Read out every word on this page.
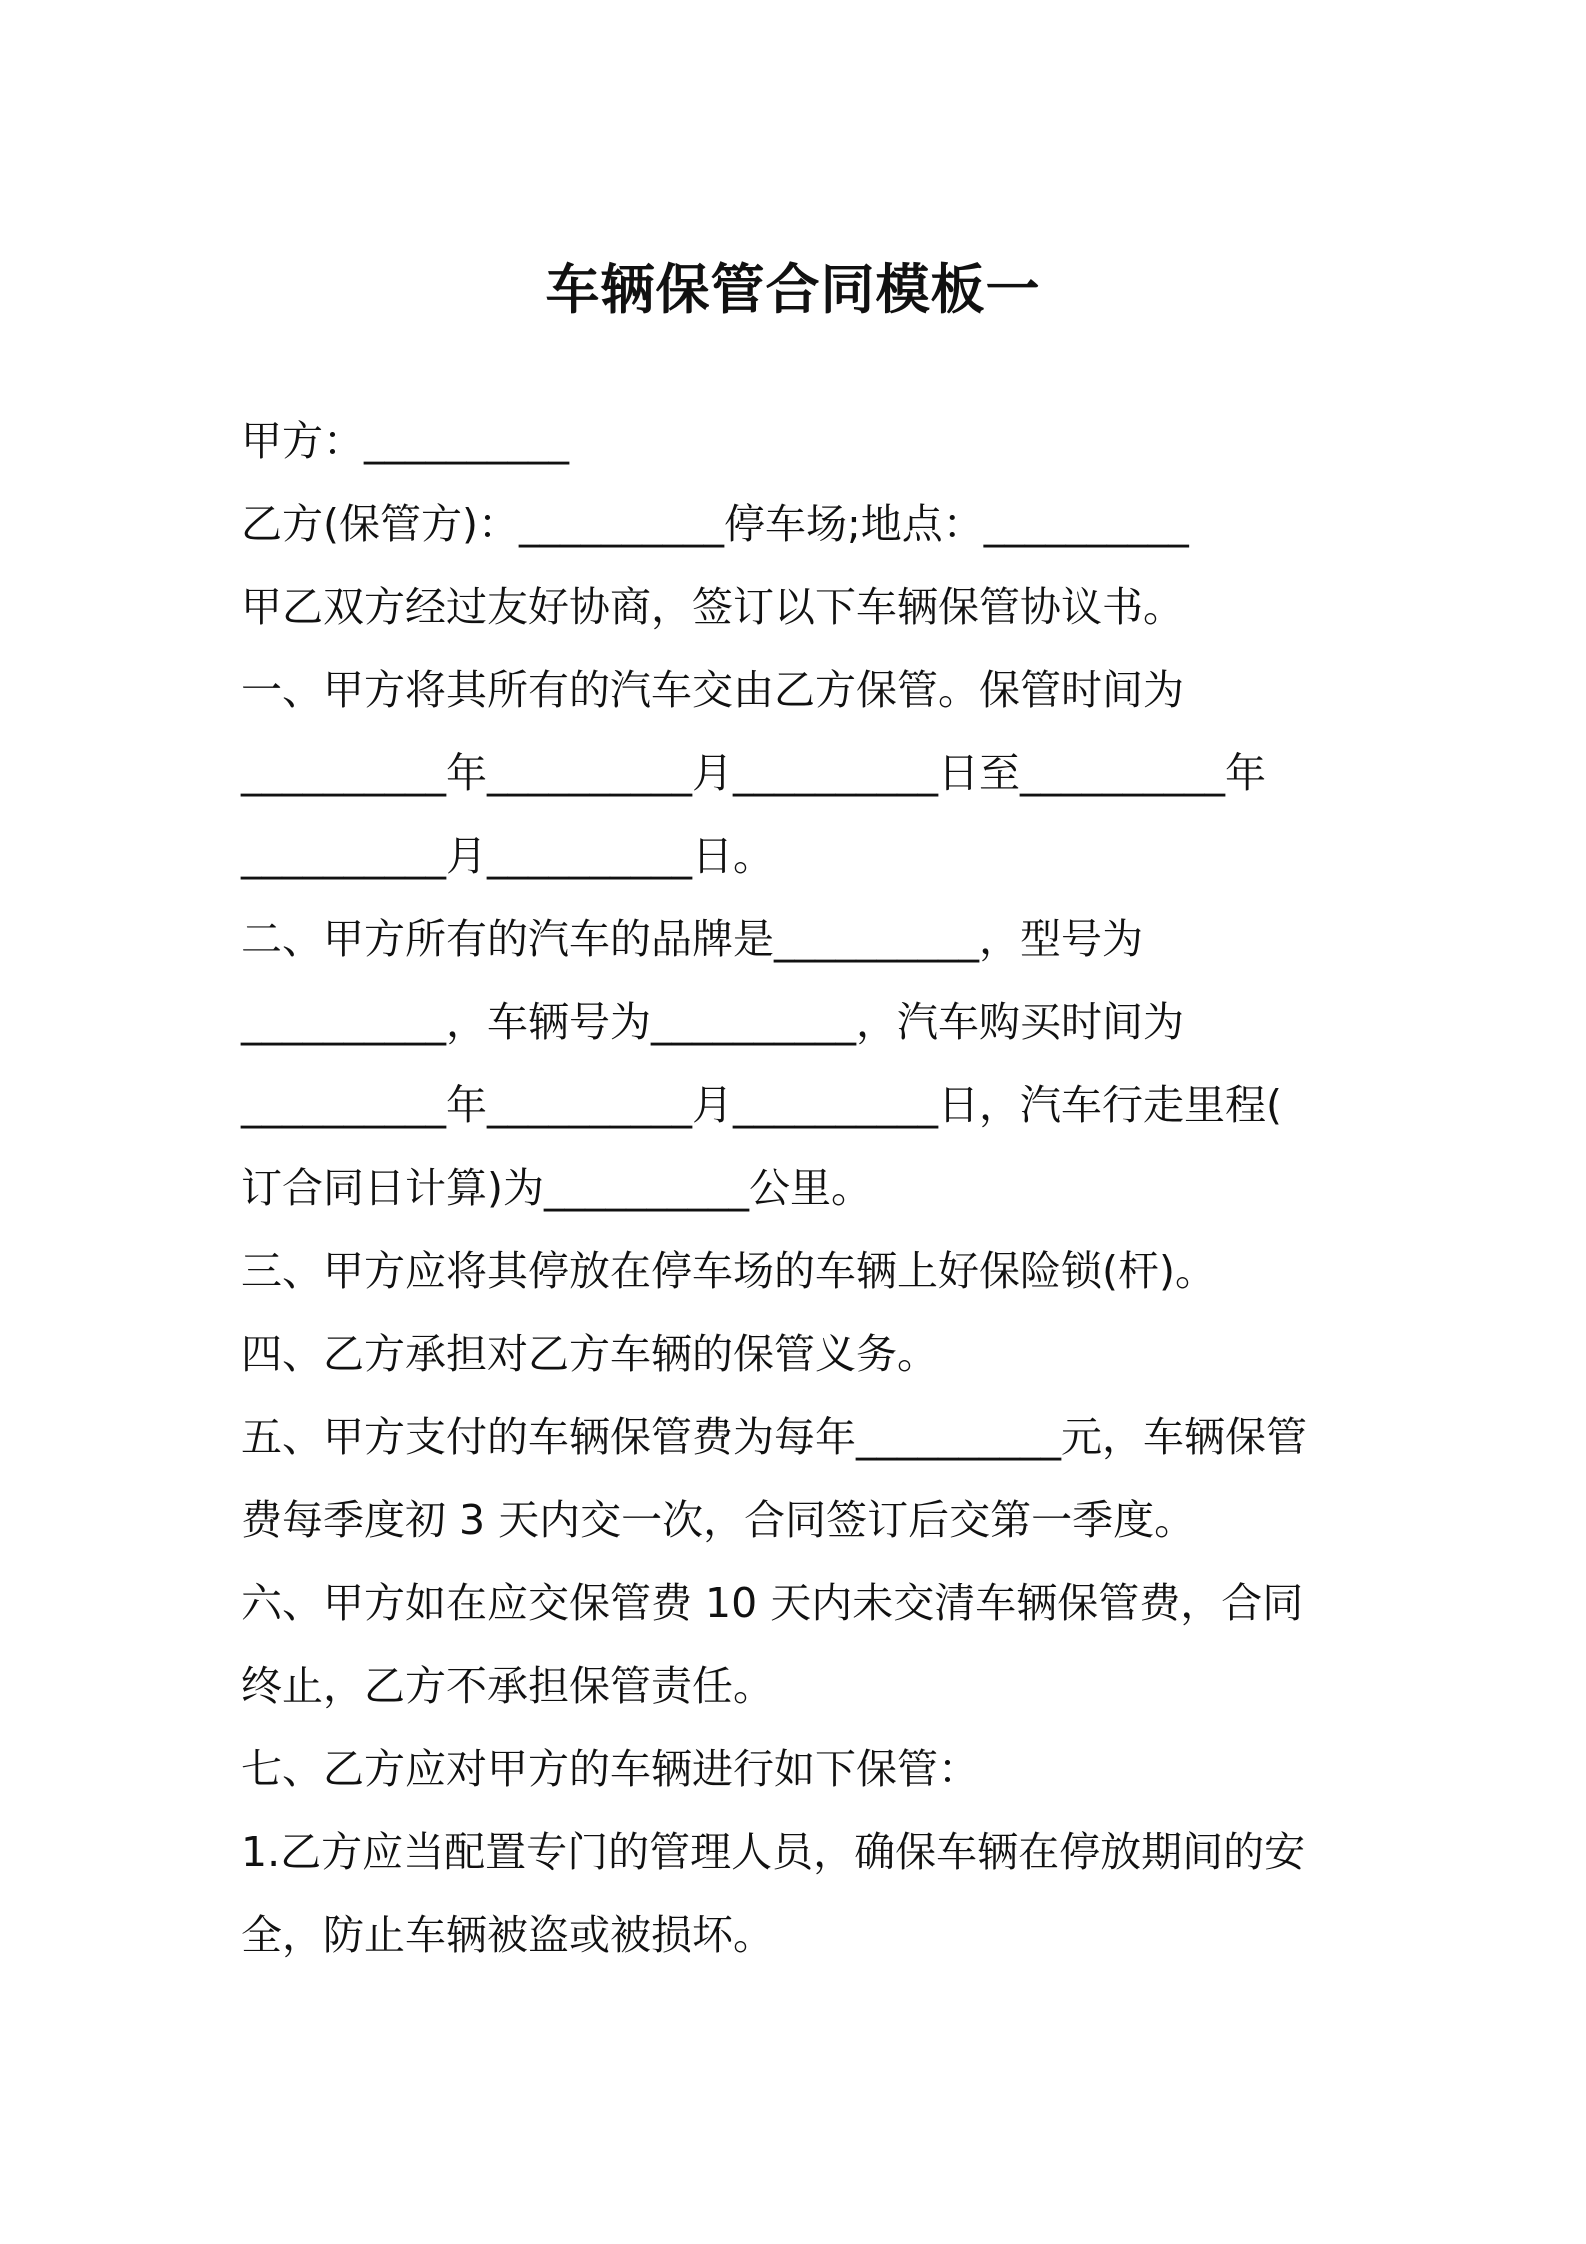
车辆保管合同模板一
甲方：__________
乙方(保管方)：__________停车场;地点：__________
甲乙双方经过友好协商，签订以下车辆保管协议书。
一、甲方将其所有的汽车交由乙方保管。保管时间为
__________年__________月__________日至__________年
__________月__________日。
二、甲方所有的汽车的品牌是__________，型号为
__________，车辆号为__________，汽车购买时间为
__________年__________月__________日，汽车行走里程(
订合同日计算)为__________公里。
三、甲方应将其停放在停车场的车辆上好保险锁(杆)。
四、乙方承担对乙方车辆的保管义务。
五、甲方支付的车辆保管费为每年__________元，车辆保管
费每季度初 3 天内交一次，合同签订后交第一季度。
六、甲方如在应交保管费 10 天内未交清车辆保管费，合同
终止，乙方不承担保管责任。
七、乙方应对甲方的车辆进行如下保管：
1.乙方应当配置专门的管理人员，确保车辆在停放期间的安
全，防止车辆被盗或被损坏。
